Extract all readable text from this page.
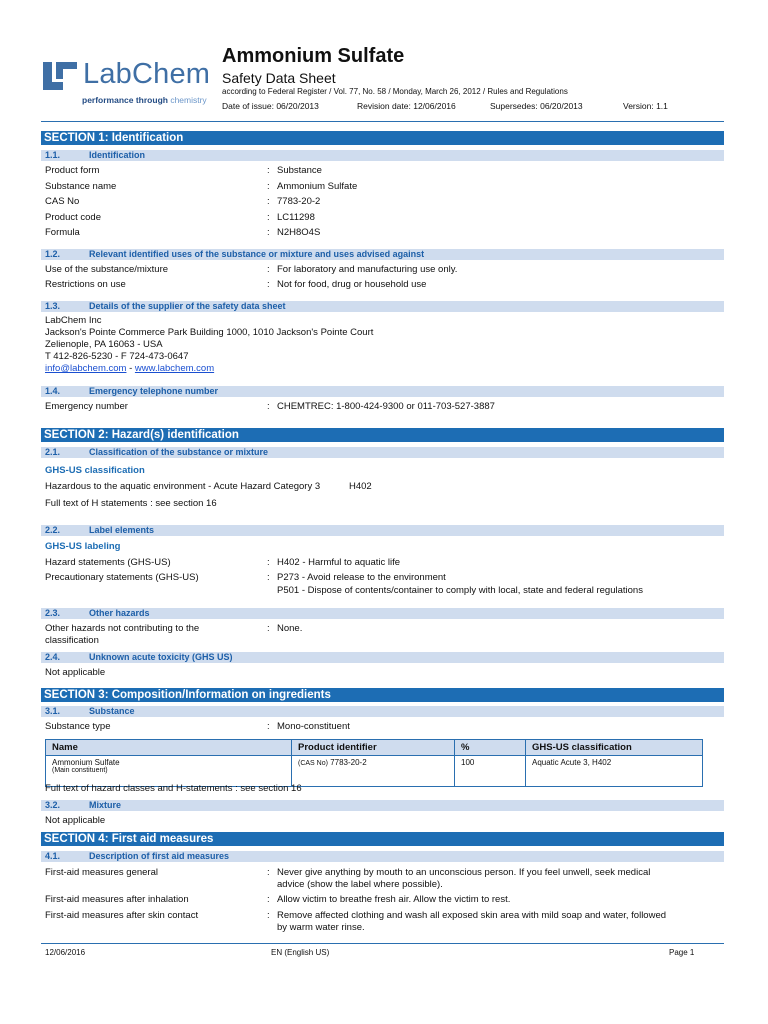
LabChem
performance through chemistry
Ammonium Sulfate
Safety Data Sheet
according to Federal Register / Vol. 77, No. 58 / Monday, March 26, 2012 / Rules and Regulations
Date of issue: 06/20/2013	Revision date: 12/06/2016	Supersedes: 06/20/2013	Version: 1.1
SECTION 1: Identification
1.1.	Identification
Product form	: Substance
Substance name	: Ammonium Sulfate
CAS No	: 7783-20-2
Product code	: LC11298
Formula	: N2H8O4S
1.2.	Relevant identified uses of the substance or mixture and uses advised against
Use of the substance/mixture	: For laboratory and manufacturing use only.
Restrictions on use	: Not for food, drug or household use
1.3.	Details of the supplier of the safety data sheet
LabChem Inc
Jackson's Pointe Commerce Park Building 1000, 1010 Jackson's Pointe Court
Zelienople, PA 16063 - USA
T 412-826-5230 - F 724-473-0647
info@labchem.com - www.labchem.com
1.4.	Emergency telephone number
Emergency number	: CHEMTREC: 1-800-424-9300 or 011-703-527-3887
SECTION 2: Hazard(s) identification
2.1.	Classification of the substance or mixture
GHS-US classification
Hazardous to the aquatic environment - Acute Hazard Category 3	H402
Full text of H statements : see section 16
2.2.	Label elements
GHS-US labeling
Hazard statements (GHS-US)	: H402 - Harmful to aquatic life
Precautionary statements (GHS-US)	: P273 - Avoid release to the environment
P501 - Dispose of contents/container to comply with local, state and federal regulations
2.3.	Other hazards
Other hazards not contributing to the
classification
: None.
2.4.	Unknown acute toxicity (GHS US)
Not applicable
SECTION 3: Composition/Information on ingredients
3.1.	Substance
Substance type	: Mono-constituent
Name	Product identifier	%	GHS-US classification

Ammonium Sulfate
(Main constituent)	(CAS No) 7783-20-2	100	Aquatic Acute 3, H402
Full text of hazard classes and H-statements : see section 16
3.2.	Mixture
Not applicable
SECTION 4: First aid measures
4.1.	Description of first aid measures
First-aid measures general	: Never give anything by mouth to an unconscious person. If you feel unwell, seek medical
advice (show the label where possible).
First-aid measures after inhalation	: Allow victim to breathe fresh air. Allow the victim to rest.
First-aid measures after skin contact	: Remove affected clothing and wash all exposed skin area with mild soap and water, followed
by warm water rinse.
12/06/2016	EN (English US)	Page 1
